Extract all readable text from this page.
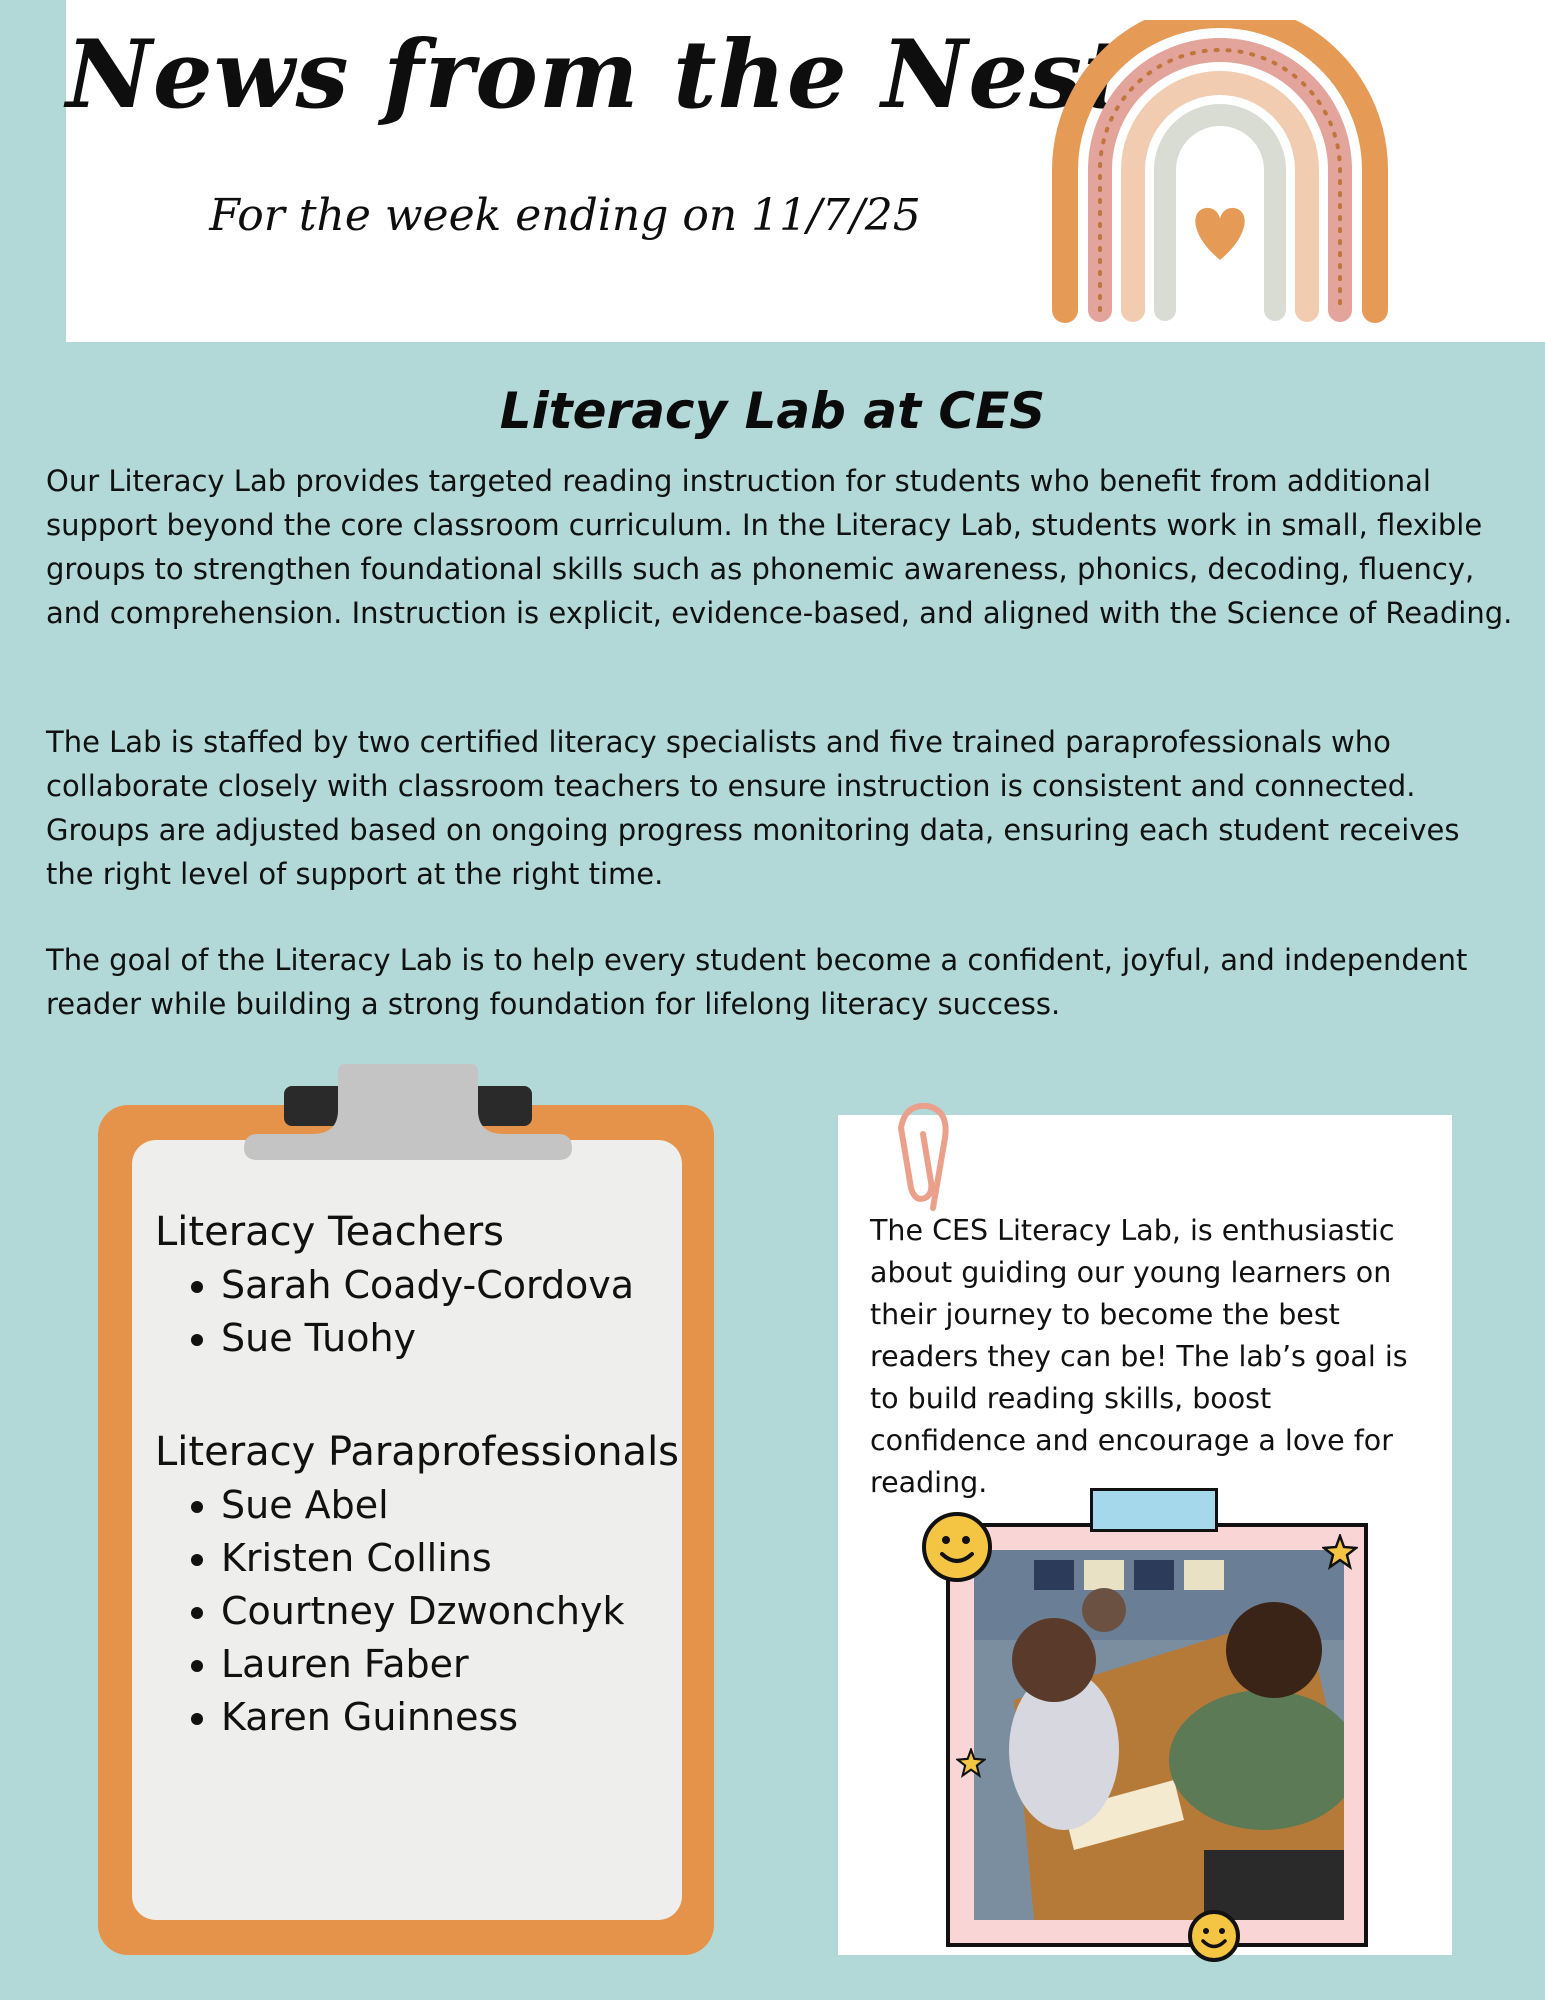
News from the Nest
For the week ending on 11/7/25
Literacy Lab at CES
Our Literacy Lab provides targeted reading instruction for students who benefit from additional support beyond the core classroom curriculum. In the Literacy Lab, students work in small, flexible groups to strengthen foundational skills such as phonemic awareness, phonics, decoding, fluency, and comprehension. Instruction is explicit, evidence-based, and aligned with the Science of Reading.
The Lab is staffed by two certified literacy specialists and five trained paraprofessionals who collaborate closely with classroom teachers to ensure instruction is consistent and connected. Groups are adjusted based on ongoing progress monitoring data, ensuring each student receives the right level of support at the right time.
The goal of the Literacy Lab is to help every student become a confident, joyful, and independent reader while building a strong foundation for lifelong literacy success.
Literacy Teachers
• Sarah Coady-Cordova
• Sue Tuohy
Literacy Paraprofessionals
• Sue Abel
• Kristen Collins
• Courtney Dzwonchyk
• Lauren Faber
• Karen Guinness
The CES Literacy Lab, is enthusiastic about guiding our young learners on their journey to become the best readers they can be! The lab’s goal is to build reading skills, boost confidence and encourage a love for reading.
